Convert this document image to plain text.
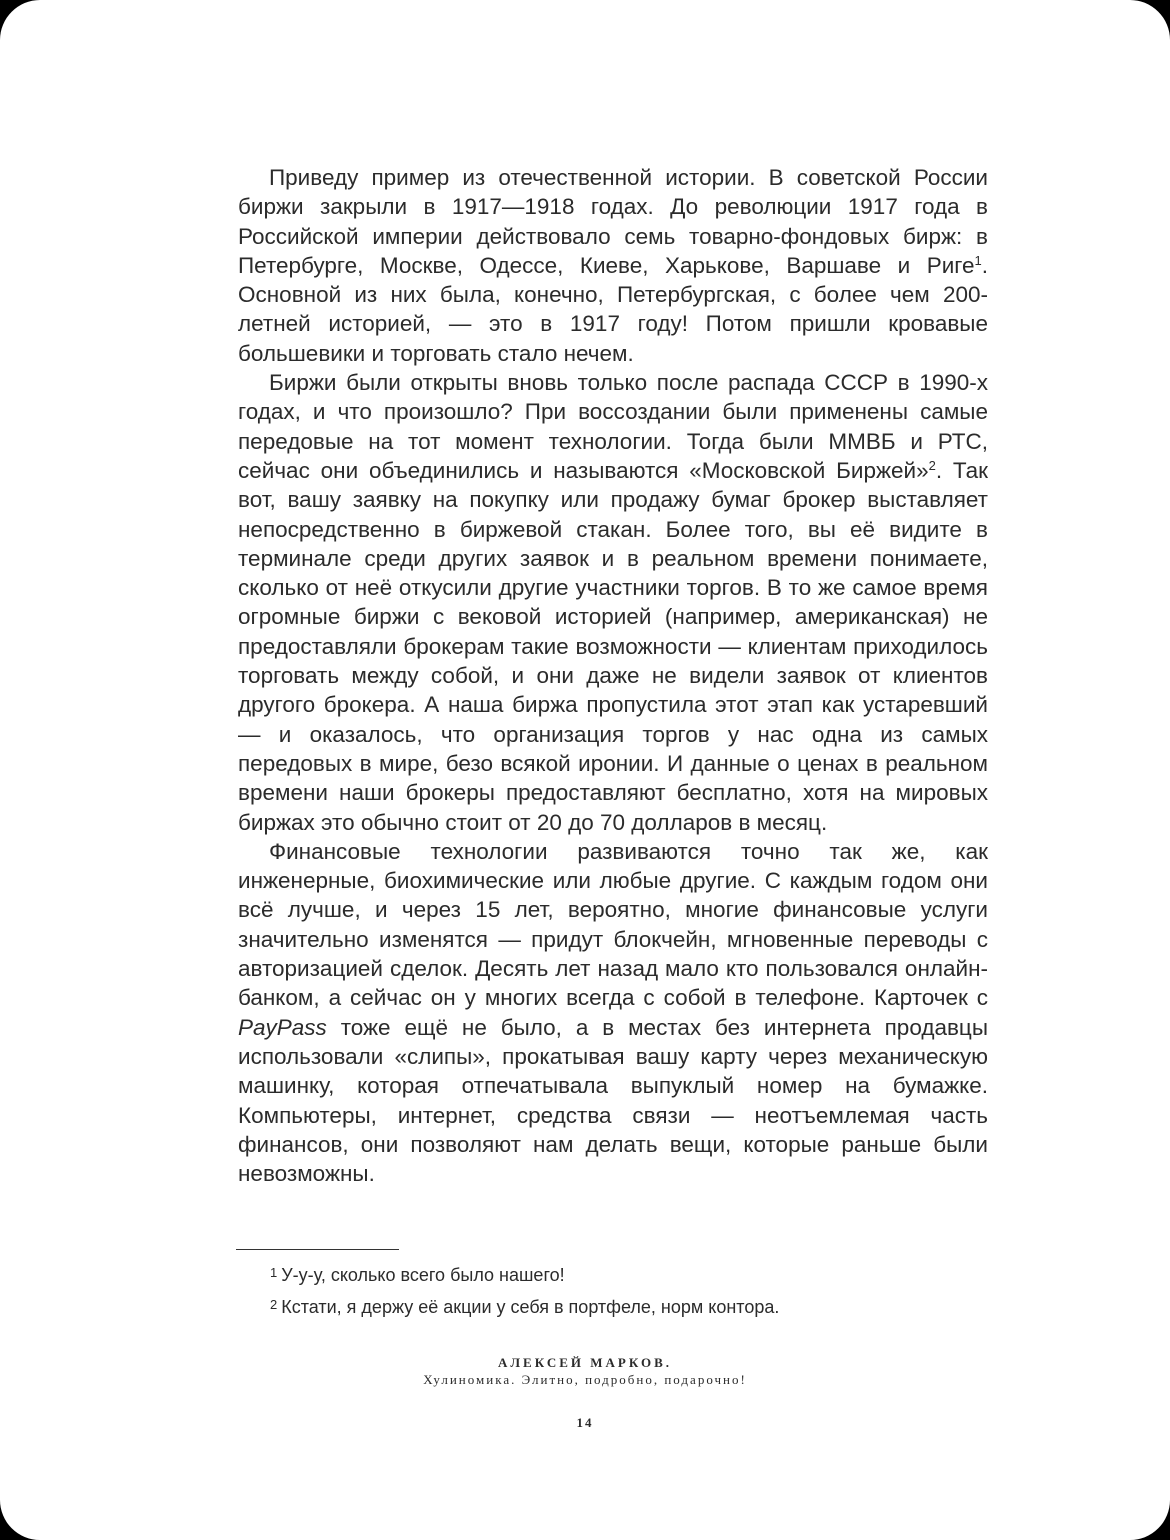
Приведу пример из отечественной истории. В советской России биржи закрыли в 1917—1918 годах. До революции 1917 года в Российской империи действовало семь товарно-фондовых бирж: в Петербурге, Москве, Одессе, Киеве, Харькове, Варшаве и Риге$^1$. Основной из них была, конечно, Петербургская, с более чем 200-летней историей, — это в 1917 году! Потом пришли кровавые большевики и торговать стало нечем.

Биржи были открыты вновь только после распада СССР в 1990-х годах, и что произошло? При воссоздании были применены самые передовые на тот момент технологии. Тогда были ММВБ и РТС, сейчас они объединились и называются «Московской Биржей»$^2$. Так вот, вашу заявку на покупку или продажу бумаг брокер выставляет непосредственно в биржевой стакан. Более того, вы её видите в терминале среди других заявок и в реальном времени понимаете, сколько от неё откусили другие участники торгов. В то же самое время огромные биржи с вековой историей (например, американская) не предоставляли брокерам такие возможности — клиентам приходилось торговать между собой, и они даже не видели заявок от клиентов другого брокера. А наша биржа пропустила этот этап как устаревший — и оказалось, что организация торгов у нас одна из самых передовых в мире, безо всякой иронии. И данные о ценах в реальном времени наши брокеры предоставляют бесплатно, хотя на мировых биржах это обычно стоит от 20 до 70 долларов в месяц.

Финансовые технологии развиваются точно так же, как инженерные, биохимические или любые другие. С каждым годом они всё лучше, и через 15 лет, вероятно, многие финансовые услуги значительно изменятся — придут блокчейн, мгновенные переводы с авторизацией сделок. Десять лет назад мало кто пользовался онлайн-банком, а сейчас он у многих всегда с собой в телефоне. Карточек с PayPass тоже ещё не было, а в местах без интернета продавцы использовали «слипы», прокатывая вашу карту через механическую машинку, которая отпечатывала выпуклый номер на бумажке. Компьютеры, интернет, средства связи — неотъемлемая часть финансов, они позволяют нам делать вещи, которые раньше были невозможны.

$^1$ У-у-у, сколько всего было нашего!
$^2$ Кстати, я держу её акции у себя в портфеле, норм контора.
АЛЕКСЕЙ МАРКОВ.
Хулиномика. Элитно, подробно, подарочно!
14
